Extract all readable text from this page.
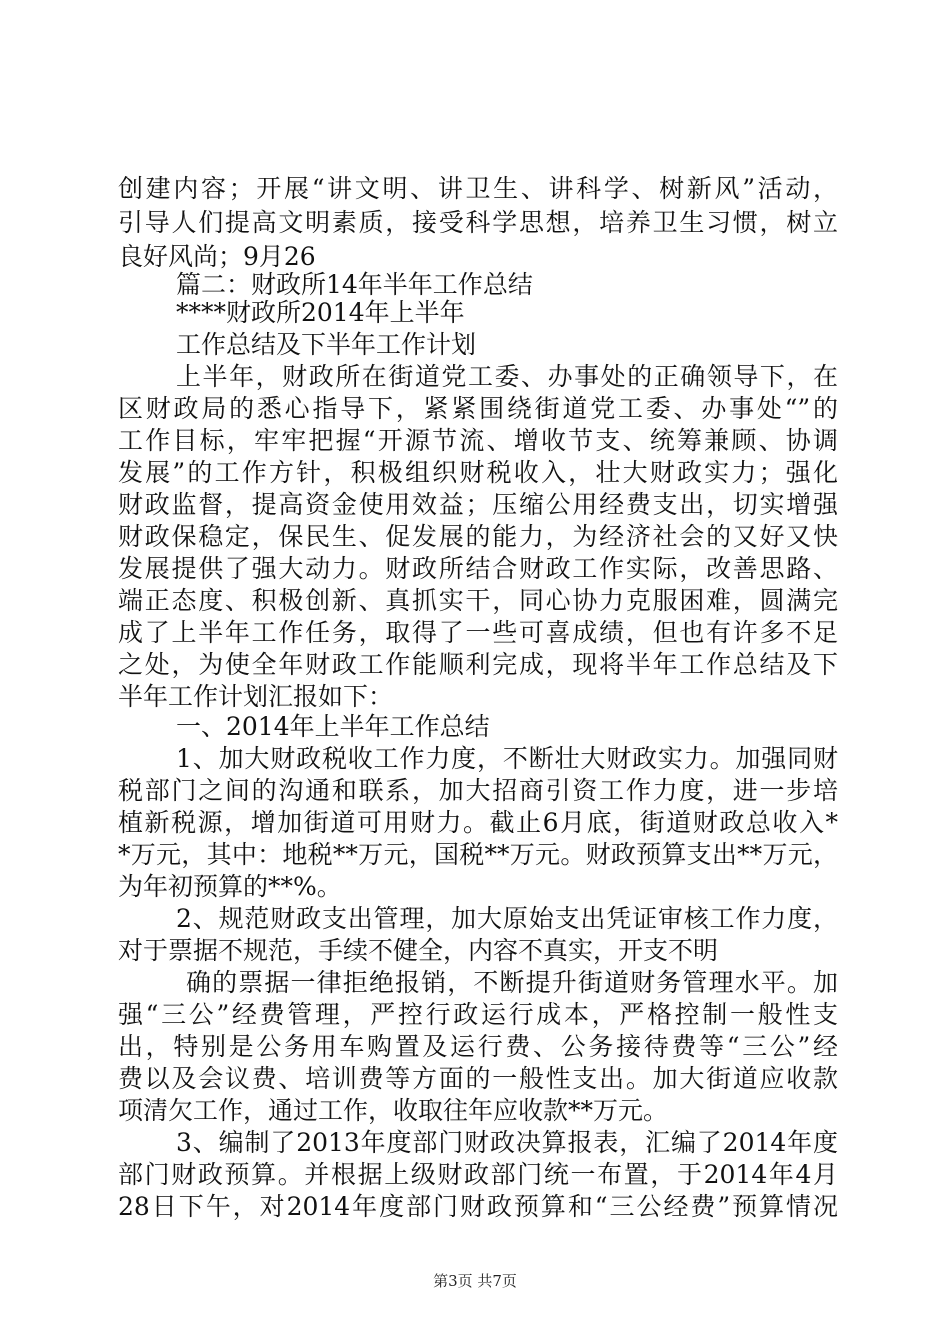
创建内容；开展“讲文明、讲卫生、讲科学、树新风”活动，
引导人们提高文明素质，接受科学思想，培养卫生习惯，树立
良好风尚；9月26
篇二：财政所14年半年工作总结
****财政所2014年上半年
工作总结及下半年工作计划
上半年，财政所在街道党工委、办事处的正确领导下，在
区财政局的悉心指导下，紧紧围绕街道党工委、办事处“”的
工作目标，牢牢把握“开源节流、增收节支、统筹兼顾、协调
发展”的工作方针，积极组织财税收入，壮大财政实力；强化
财政监督，提高资金使用效益；压缩公用经费支出，切实增强
财政保稳定，保民生、促发展的能力，为经济社会的又好又快
发展提供了强大动力。财政所结合财政工作实际，改善思路、
端正态度、积极创新、真抓实干，同心协力克服困难，圆满完
成了上半年工作任务，取得了一些可喜成绩，但也有许多不足
之处，为使全年财政工作能顺利完成，现将半年工作总结及下
半年工作计划汇报如下：
一、2014年上半年工作总结
1、加大财政税收工作力度，不断壮大财政实力。加强同财
税部门之间的沟通和联系，加大招商引资工作力度，进一步培
植新税源，增加街道可用财力。截止6月底，街道财政总收入*
*万元，其中：地税**万元，国税**万元。财政预算支出**万元，
为年初预算的**%。
2、规范财政支出管理，加大原始支出凭证审核工作力度，
对于票据不规范，手续不健全，内容不真实，开支不明
确的票据一律拒绝报销，不断提升街道财务管理水平。加
强“三公”经费管理，严控行政运行成本，严格控制一般性支
出，特别是公务用车购置及运行费、公务接待费等“三公”经
费以及会议费、培训费等方面的一般性支出。加大街道应收款
项清欠工作，通过工作，收取往年应收款**万元。
3、编制了2013年度部门财政决算报表，汇编了2014年度
部门财政预算。并根据上级财政部门统一布置，于2014年4月
28日下午，对2014年度部门财政预算和“三公经费”预算情况
第3页 共7页
